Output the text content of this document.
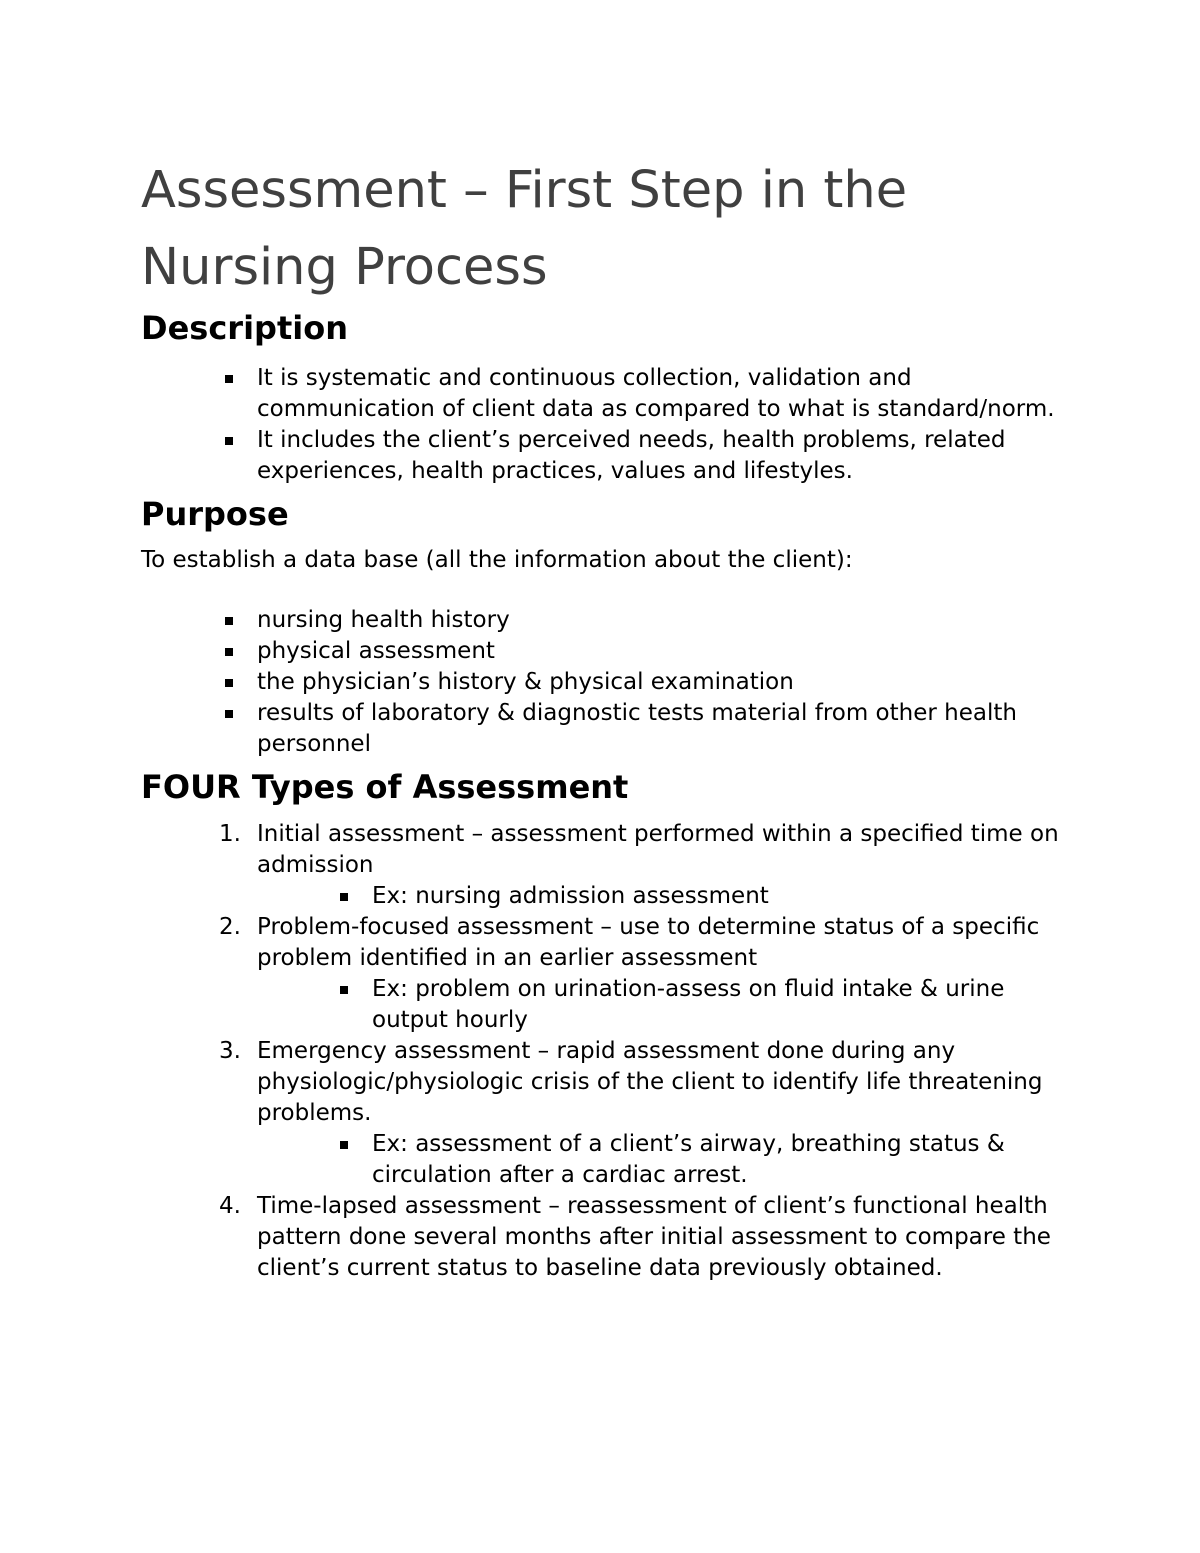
Assessment – First Step in the Nursing Process
Description
It is systematic and continuous collection, validation and communication of client data as compared to what is standard/norm.
It includes the client’s perceived needs, health problems, related experiences, health practices, values and lifestyles.
Purpose

To establish a data base (all the information about the client):

nursing health history
physical assessment
the physician’s history & physical examination
results of laboratory & diagnostic tests material from other health personnel
FOUR Types of Assessment
1. Initial assessment – assessment performed within a specified time on admission
Ex: nursing admission assessment
2. Problem-focused assessment – use to determine status of a specific problem identified in an earlier assessment
Ex: problem on urination-assess on fluid intake & urine output hourly
3. Emergency assessment – rapid assessment done during any physiologic/physiologic crisis of the client to identify life threatening problems.
Ex: assessment of a client’s airway, breathing status & circulation after a cardiac arrest.
4. Time-lapsed assessment – reassessment of client’s functional health pattern done several months after initial assessment to compare the client’s current status to baseline data previously obtained.
